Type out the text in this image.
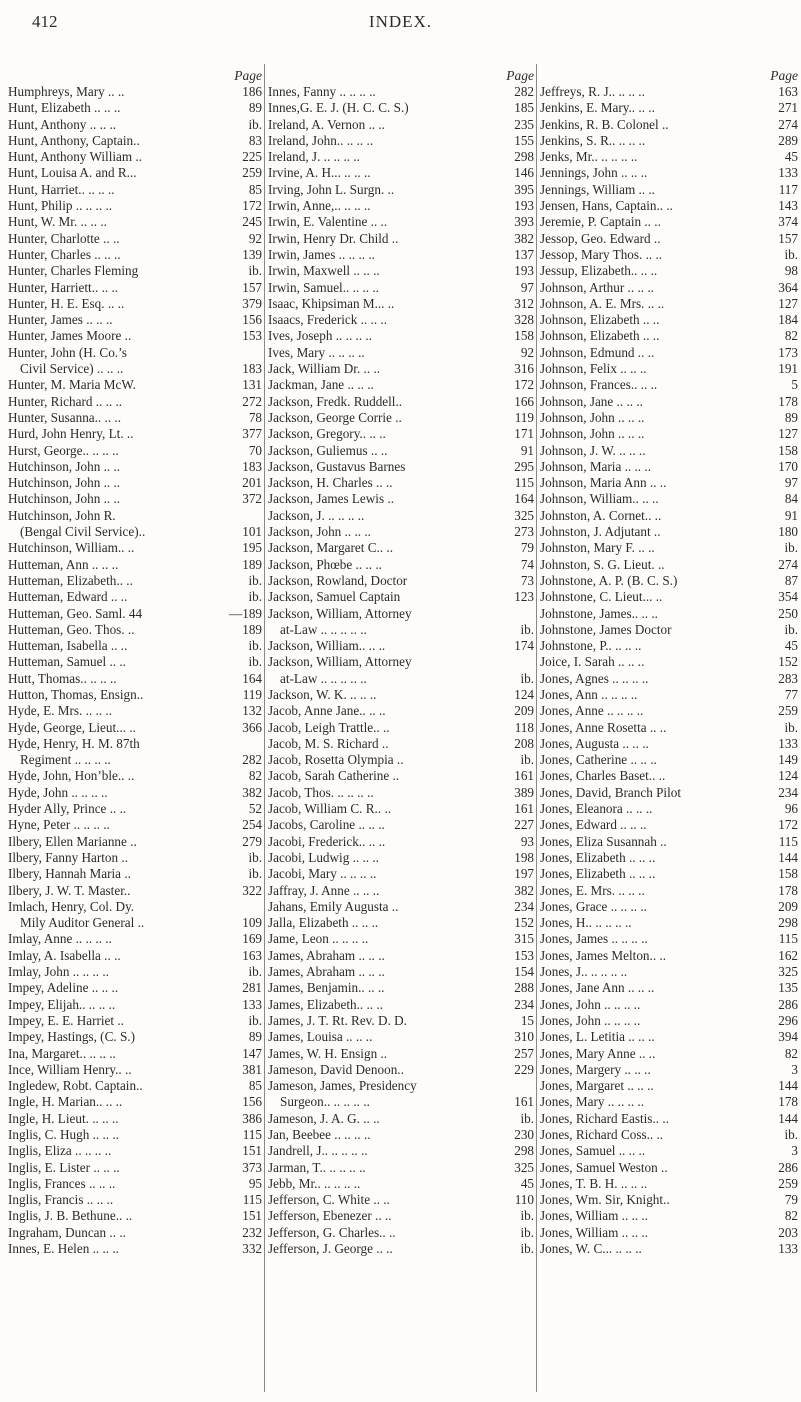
412	INDEX.
Page
Humphreys, Mary .. ..	186
Hunt, Elizabeth .. .. ..	89
Hunt, Anthony .. .. ..	ib.
Hunt, Anthony, Captain..	83
Hunt, Anthony William ..	225
Hunt, Louisa A. and R...	259
Hunt, Harriet.. .. .. ..	85
Hunt, Philip .. .. .. ..	172
Hunt, W. Mr. .. .. ..	245
Hunter, Charlotte .. ..	92
Hunter, Charles .. .. ..	139
Hunter, Charles Fleming	ib.
Hunter, Harriett.. .. ..	157
Hunter, H. E. Esq. .. ..	379
Hunter, James .. .. ..	156
Hunter, James Moore ..	153
Hunter, John (H. Co.’s
Civil Service) .. .. ..	183
Hunter, M. Maria McW.	131
Hunter, Richard .. .. ..	272
Hunter, Susanna.. .. ..	78
Hurd, John Henry, Lt. ..	377
Hurst, George.. .. .. ..	70
Hutchinson, John .. ..	183
Hutchinson, John .. ..	201
Hutchinson, John .. ..	372
Hutchinson, John R.
(Bengal Civil Service)..	101
Hutchinson, William.. ..	195
Hutteman, Ann .. .. ..	189
Hutteman, Elizabeth.. ..	ib.
Hutteman, Edward .. ..	ib.
Hutteman, Geo. Saml. 44	—189
Hutteman, Geo. Thos. ..	189
Hutteman, Isabella .. ..	ib.
Hutteman, Samuel .. ..	ib.
Hutt, Thomas.. .. .. ..	164
Hutton, Thomas, Ensign..	119
Hyde, E. Mrs. .. .. ..	132
Hyde, George, Lieut... ..	366
Hyde, Henry, H. M. 87th
Regiment .. .. .. ..	282
Hyde, John, Hon’ble.. ..	82
Hyde, John .. .. .. ..	382
Hyder Ally, Prince .. ..	52
Hyne, Peter .. .. .. ..	254
Ilbery, Ellen Marianne ..	279
Ilbery, Fanny Harton ..	ib.
Ilbery, Hannah Maria ..	ib.
Ilbery, J. W. T. Master..	322
Imlach, Henry, Col. Dy.
Mily Auditor General ..	109
Imlay, Anne .. .. .. ..	169
Imlay, A. Isabella .. ..	163
Imlay, John .. .. .. ..	ib.
Impey, Adeline .. .. ..	281
Impey, Elijah.. .. .. ..	133
Impey, E. E. Harriet ..	ib.
Impey, Hastings, (C. S.)	89
Ina, Margaret.. .. .. ..	147
Ince, William Henry.. ..	381
Ingledew, Robt. Captain..	85
Ingle, H. Marian.. .. ..	156
Ingle, H. Lieut. .. .. ..	386
Inglis, C. Hugh .. .. ..	115
Inglis, Eliza .. .. .. ..	151
Inglis, E. Lister .. .. ..	373
Inglis, Frances .. .. ..	95
Inglis, Francis .. .. ..	115
Inglis, J. B. Bethune.. ..	151
Ingraham, Duncan .. ..	232
Innes, E. Helen .. .. ..	332
Page
Innes, Fanny .. .. .. ..	282
Innes,G. E. J. (H. C. C. S.)	185
Ireland, A. Vernon .. ..	235
Ireland, John.. .. .. ..	155
Ireland, J. .. .. .. ..	298
Irvine, A. H... .. .. ..	146
Irving, John L. Surgn. ..	395
Irwin, Anne,.. .. .. ..	193
Irwin, E. Valentine .. ..	393
Irwin, Henry Dr. Child ..	382
Irwin, James .. .. .. ..	137
Irwin, Maxwell .. .. ..	193
Irwin, Samuel.. .. .. ..	97
Isaac, Khipsiman M... ..	312
Isaacs, Frederick .. .. ..	328
Ives, Joseph .. .. .. ..	158
Ives, Mary .. .. .. ..	92
Jack, William Dr. .. ..	316
Jackman, Jane .. .. ..	172
Jackson, Fredk. Ruddell..	166
Jackson, George Corrie ..	119
Jackson, Gregory.. .. ..	171
Jackson, Guliemus .. ..	91
Jackson, Gustavus Barnes	295
Jackson, H. Charles .. ..	115
Jackson, James Lewis ..	164
Jackson, J. .. .. .. ..	325
Jackson, John .. .. ..	273
Jackson, Margaret C.. ..	79
Jackson, Phœbe .. .. ..	74
Jackson, Rowland, Doctor	73
Jackson, Samuel Captain	123
Jackson, William, Attorney
at-Law .. .. .. .. ..	ib.
Jackson, William.. .. ..	174
Jackson, William, Attorney
at-Law .. .. .. .. ..	ib.
Jackson, W. K. .. .. ..	124
Jacob, Anne Jane.. .. ..	209
Jacob, Leigh Trattle.. ..	118
Jacob, M. S. Richard ..	208
Jacob, Rosetta Olympia ..	ib.
Jacob, Sarah Catherine ..	161
Jacob, Thos. .. .. .. ..	389
Jacob, William C. R.. ..	161
Jacobs, Caroline .. .. ..	227
Jacobi, Frederick.. .. ..	93
Jacobi, Ludwig .. .. ..	198
Jacobi, Mary .. .. .. ..	197
Jaffray, J. Anne .. .. ..	382
Jahans, Emily Augusta ..	234
Jalla, Elizabeth .. .. ..	152
Jame, Leon .. .. .. ..	315
James, Abraham .. .. ..	153
James, Abraham .. .. ..	154
James, Benjamin.. .. ..	288
James, Elizabeth.. .. ..	234
James, J. T. Rt. Rev. D. D.	15
James, Louisa .. .. ..	310
James, W. H. Ensign ..	257
Jameson, David Denoon..	229
Jameson, James, Presidency
Surgeon.. .. .. .. ..	161
Jameson, J. A. G. .. ..	ib.
Jan, Beebee .. .. .. ..	230
Jandrell, J.. .. .. .. ..	298
Jarman, T.. .. .. .. ..	325
Jebb, Mr.. .. .. .. ..	45
Jefferson, C. White .. ..	110
Jefferson, Ebenezer .. ..	ib.
Jefferson, G. Charles.. ..	ib.
Jefferson, J. George .. ..	ib.
Page
Jeffreys, R. J.. .. .. ..	163
Jenkins, E. Mary.. .. ..	271
Jenkins, R. B. Colonel ..	274
Jenkins, S. R.. .. .. ..	289
Jenks, Mr.. .. .. .. ..	45
Jennings, John .. .. ..	133
Jennings, William .. ..	117
Jensen, Hans, Captain.. ..	143
Jeremie, P. Captain .. ..	374
Jessop, Geo. Edward ..	157
Jessop, Mary Thos. .. ..	ib.
Jessup, Elizabeth.. .. ..	98
Johnson, Arthur .. .. ..	364
Johnson, A. E. Mrs. .. ..	127
Johnson, Elizabeth .. ..	184
Johnson, Elizabeth .. ..	82
Johnson, Edmund .. ..	173
Johnson, Felix .. .. ..	191
Johnson, Frances.. .. ..	5
Johnson, Jane .. .. ..	178
Johnson, John .. .. ..	89
Johnson, John .. .. ..	127
Johnson, J. W. .. .. ..	158
Johnson, Maria .. .. ..	170
Johnson, Maria Ann .. ..	97
Johnson, William.. .. ..	84
Johnston, A. Cornet.. ..	91
Johnston, J. Adjutant ..	180
Johnston, Mary F. .. ..	ib.
Johnston, S. G. Lieut. ..	274
Johnstone, A. P. (B. C. S.)	87
Johnstone, C. Lieut... ..	354
Johnstone, James.. .. ..	250
Johnstone, James Doctor	ib.
Johnstone, P.. .. .. ..	45
Joice, I. Sarah .. .. ..	152
Jones, Agnes .. .. .. ..	283
Jones, Ann .. .. .. ..	77
Jones, Anne .. .. .. ..	259
Jones, Anne Rosetta .. ..	ib.
Jones, Augusta .. .. ..	133
Jones, Catherine .. .. ..	149
Jones, Charles Baset.. ..	124
Jones, David, Branch Pilot	234
Jones, Eleanora .. .. ..	96
Jones, Edward .. .. ..	172
Jones, Eliza Susannah ..	115
Jones, Elizabeth .. .. ..	144
Jones, Elizabeth .. .. ..	158
Jones, E. Mrs. .. .. ..	178
Jones, Grace .. .. .. ..	209
Jones, H.. .. .. .. ..	298
Jones, James .. .. .. ..	115
Jones, James Melton.. ..	162
Jones, J.. .. .. .. ..	325
Jones, Jane Ann .. .. ..	135
Jones, John .. .. .. ..	286
Jones, John .. .. .. ..	296
Jones, L. Letitia .. .. ..	394
Jones, Mary Anne .. ..	82
Jones, Margery .. .. ..	3
Jones, Margaret .. .. ..	144
Jones, Mary .. .. .. ..	178
Jones, Richard Eastis.. ..	144
Jones, Richard Coss.. ..	ib.
Jones, Samuel .. .. ..	3
Jones, Samuel Weston ..	286
Jones, T. B. H. .. .. ..	259
Jones, Wm. Sir, Knight..	79
Jones, William .. .. ..	82
Jones, William .. .. ..	203
Jones, W. C... .. .. ..	133
